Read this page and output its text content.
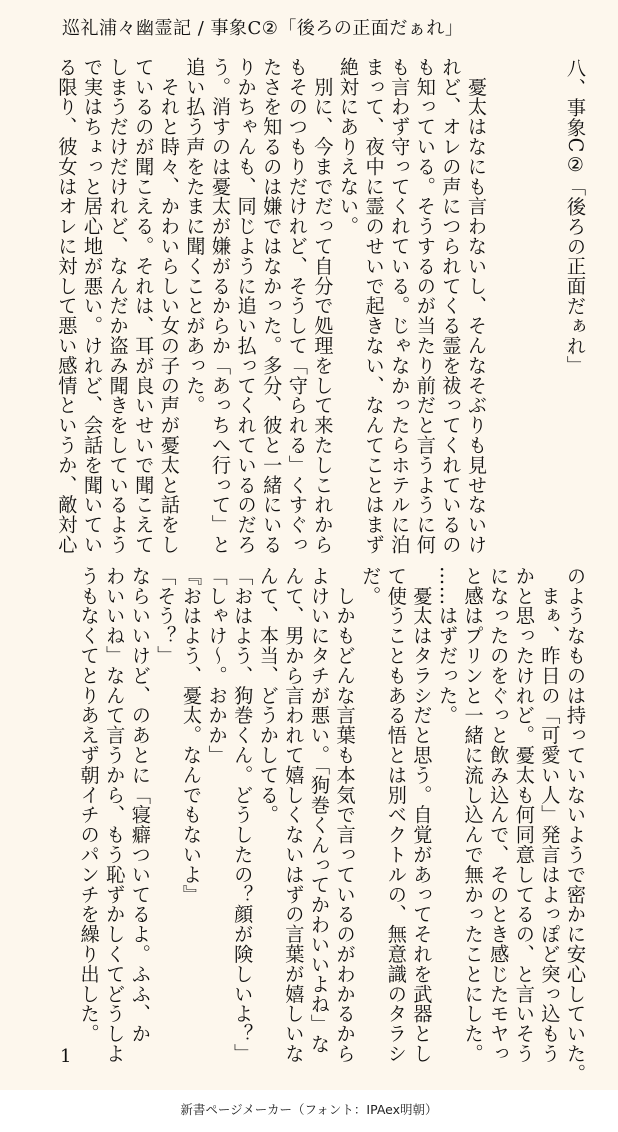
巡礼浦々幽霊記 / 事象C②「後ろの正面だぁれ」
八、事象C②「後ろの正面だぁれ」
　憂太はなにも言わないし、そんなそぶりも見せないけ
れど、オレの声につられてくる霊を祓ってくれているの
も知っている。そうするのが当たり前だと言うように何
も言わず守ってくれている。じゃなかったらホテルに泊
まって、夜中に霊のせいで起きない、なんてことはまず
絶対にありえない。
　別に、今までだって自分で処理をして来たしこれから
もそのつもりだけれど、そうして「守られる」くすぐっ
たさを知るのは嫌ではなかった。多分、彼と一緒にいる
りかちゃんも、同じように追い払ってくれているのだろ
う。消すのは憂太が嫌がるからか「あっちへ行って」と
追い払う声をたまに聞くことがあった。
　それと時々、かわいらしい女の子の声が憂太と話をし
ているのが聞こえる。それは、耳が良いせいで聞こえて
しまうだけだけれど、なんだか盗み聞きをしているよう
で実はちょっと居心地が悪い。けれど、会話を聞いてい
る限り、彼女はオレに対して悪い感情というか、敵対心
のようなものは持っていないようで密かに安心していた。
　まぁ、昨日の「可愛い人」発言はよっぽど突っ込もう
かと思ったけれど。憂太も何同意してるの、と言いそう
になったのをぐっと飲み込んで、そのとき感じたモヤっ
と感はプリンと一緒に流し込んで無かったことにした。
……はずだった。
　憂太はタラシだと思う。自覚があってそれを武器とし
て使うこともある悟とは別ベクトルの、無意識のタラシ
だ。
　しかもどんな言葉も本気で言っているのがわかるから
よけいにタチが悪い。「狗巻くんってかわいいよね」な
んて、男から言われて嬉しくないはずの言葉が嬉しいな
んて、本当、どうかしてる。
「おはよう、狗巻くん。どうしたの？顔が険しいよ？」
「しゃけ〜。おかか」
『おはよう、憂太。なんでもないよ』
「そう？」
ならいいけど、のあとに「寝癖ついてるよ。ふふ、か
わいいね」なんて言うから、もう恥ずかしくてどうしよ
うもなくてとりあえず朝イチのパンチを繰り出した。
1
新書ページメーカー（フォント：IPAex明朝）
